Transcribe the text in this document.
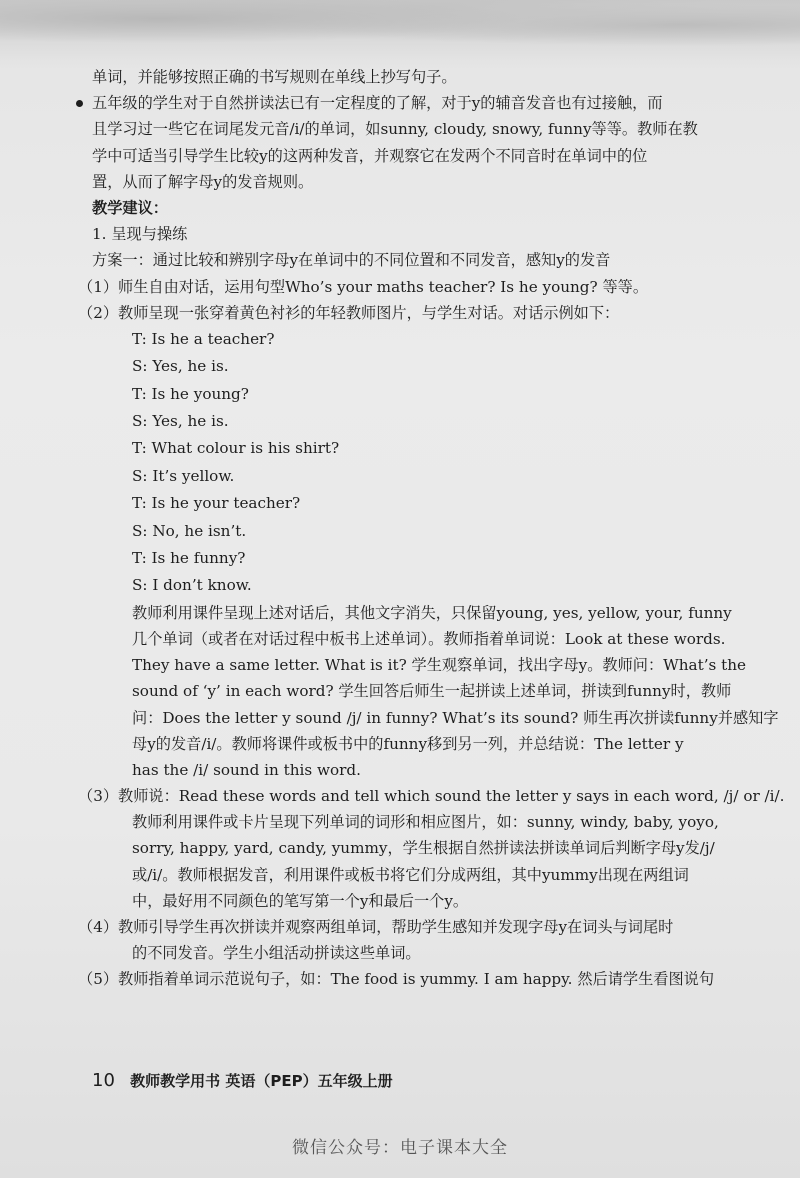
单词，并能够按照正确的书写规则在单线上抄写句子。
五年级的学生对于自然拼读法已有一定程度的了解，对于y的辅音发音也有过接触，而
且学习过一些它在词尾发元音/i/的单词，如sunny, cloudy, snowy, funny等等。教师在教
学中可适当引导学生比较y的这两种发音，并观察它在发两个不同音时在单词中的位
置，从而了解字母y的发音规则。
教学建议：
1. 呈现与操练
方案一：通过比较和辨别字母y在单词中的不同位置和不同发音，感知y的发音
（1）师生自由对话，运用句型Who’s your maths teacher? Is he young? 等等。
（2）教师呈现一张穿着黄色衬衫的年轻教师图片，与学生对话。对话示例如下：
T: Is he a teacher?
S: Yes, he is.
T: Is he young?
S: Yes, he is.
T: What colour is his shirt?
S: It’s yellow.
T: Is he your teacher?
S: No, he isn’t.
T: Is he funny?
S: I don’t know.
教师利用课件呈现上述对话后，其他文字消失，只保留young, yes, yellow, your, funny
几个单词（或者在对话过程中板书上述单词）。教师指着单词说：Look at these words.
They have a same letter. What is it? 学生观察单词，找出字母y。教师问：What’s the
sound of ‘y’ in each word? 学生回答后师生一起拼读上述单词，拼读到funny时，教师
问：Does the letter y sound /j/ in funny? What’s its sound? 师生再次拼读funny并感知字
母y的发音/i/。教师将课件或板书中的funny移到另一列，并总结说：The letter y
has the /i/ sound in this word.
（3）教师说：Read these words and tell which sound the letter y says in each word, /j/ or /i/.
教师利用课件或卡片呈现下列单词的词形和相应图片，如：sunny, windy, baby, yoyo,
sorry, happy, yard, candy, yummy，学生根据自然拼读法拼读单词后判断字母y发/j/
或/i/。教师根据发音，利用课件或板书将它们分成两组，其中yummy出现在两组词
中，最好用不同颜色的笔写第一个y和最后一个y。
（4）教师引导学生再次拼读并观察两组单词，帮助学生感知并发现字母y在词头与词尾时
的不同发音。学生小组活动拼读这些单词。
（5）教师指着单词示范说句子，如：The food is yummy. I am happy. 然后请学生看图说句
10 教师教学用书 英语（PEP）五年级上册
微信公众号：电子课本大全
